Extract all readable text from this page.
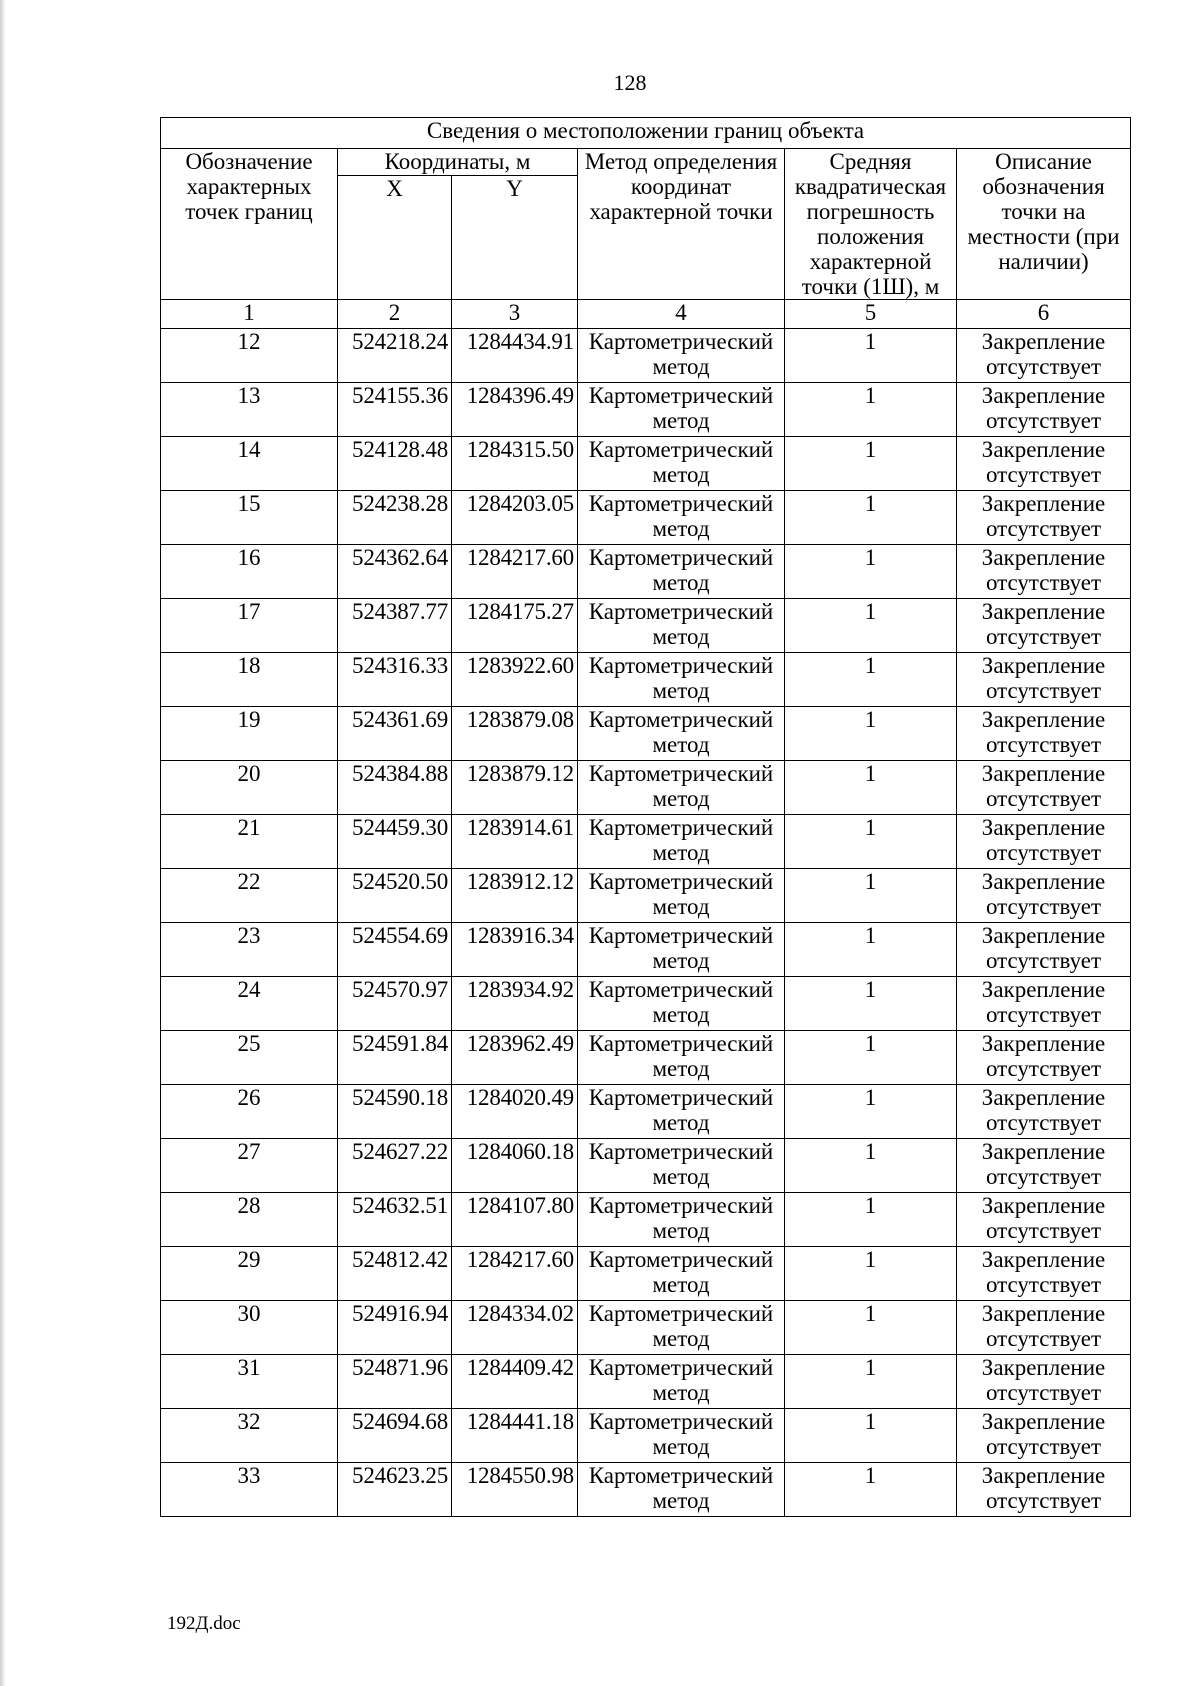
128
Сведения о местоположении границ объекта					
Обозначение характерных точек границ	Координаты, м		Метод определения координат характерной точки	Средняя квадратическая погрешность положения характерной точки (1Ш), м	Описание обозначения точки на местности (при наличии)
	X	Y			
1	2	3	4	5	6
12	524218.24	1284434.91	Картометрический метод	1	Закрепление отсутствует
13	524155.36	1284396.49	Картометрический метод	1	Закрепление отсутствует
14	524128.48	1284315.50	Картометрический метод	1	Закрепление отсутствует
15	524238.28	1284203.05	Картометрический метод	1	Закрепление отсутствует
16	524362.64	1284217.60	Картометрический метод	1	Закрепление отсутствует
17	524387.77	1284175.27	Картометрический метод	1	Закрепление отсутствует
18	524316.33	1283922.60	Картометрический метод	1	Закрепление отсутствует
19	524361.69	1283879.08	Картометрический метод	1	Закрепление отсутствует
20	524384.88	1283879.12	Картометрический метод	1	Закрепление отсутствует
21	524459.30	1283914.61	Картометрический метод	1	Закрепление отсутствует
22	524520.50	1283912.12	Картометрический метод	1	Закрепление отсутствует
23	524554.69	1283916.34	Картометрический метод	1	Закрепление отсутствует
24	524570.97	1283934.92	Картометрический метод	1	Закрепление отсутствует
25	524591.84	1283962.49	Картометрический метод	1	Закрепление отсутствует
26	524590.18	1284020.49	Картометрический метод	1	Закрепление отсутствует
27	524627.22	1284060.18	Картометрический метод	1	Закрепление отсутствует
28	524632.51	1284107.80	Картометрический метод	1	Закрепление отсутствует
29	524812.42	1284217.60	Картометрический метод	1	Закрепление отсутствует
30	524916.94	1284334.02	Картометрический метод	1	Закрепление отсутствует
31	524871.96	1284409.42	Картометрический метод	1	Закрепление отсутствует
32	524694.68	1284441.18	Картометрический метод	1	Закрепление отсутствует
33	524623.25	1284550.98	Картометрический метод	1	Закрепление отсутствует
192Д.doc
